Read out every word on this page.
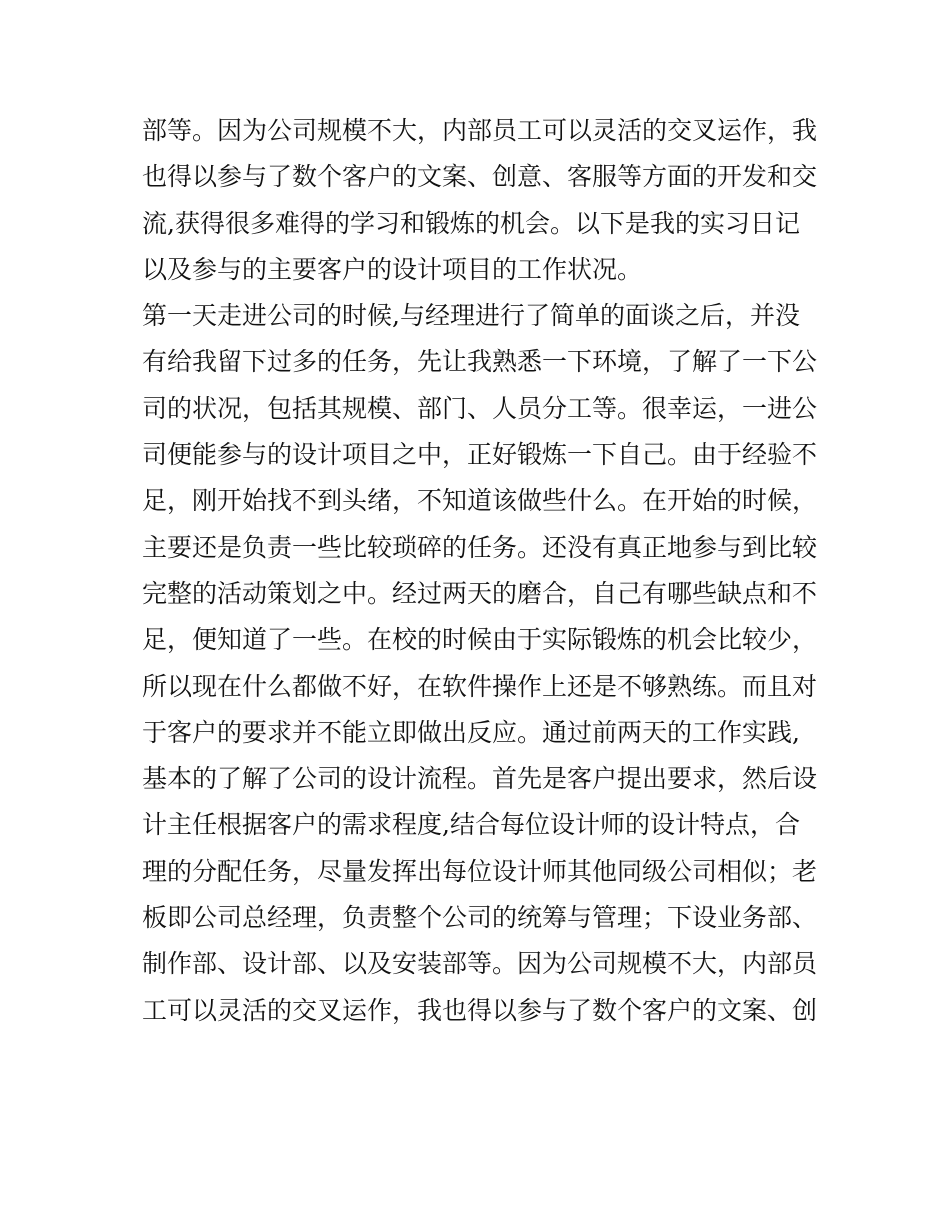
部等。因为公司规模不大，内部员工可以灵活的交叉运作，我
也得以参与了数个客户的文案、创意、客服等方面的开发和交
流,获得很多难得的学习和锻炼的机会。以下是我的实习日记
以及参与的主要客户的设计项目的工作状况。
第一天走进公司的时候,与经理进行了简单的面谈之后，并没
有给我留下过多的任务，先让我熟悉一下环境，了解了一下公
司的状况，包括其规模、部门、人员分工等。很幸运，一进公
司便能参与的设计项目之中，正好锻炼一下自己。由于经验不
足，刚开始找不到头绪，不知道该做些什么。在开始的时候，
主要还是负责一些比较琐碎的任务。还没有真正地参与到比较
完整的活动策划之中。经过两天的磨合，自己有哪些缺点和不
足，便知道了一些。在校的时候由于实际锻炼的机会比较少，
所以现在什么都做不好，在软件操作上还是不够熟练。而且对
于客户的要求并不能立即做出反应。通过前两天的工作实践,
基本的了解了公司的设计流程。首先是客户提出要求，然后设
计主任根据客户的需求程度,结合每位设计师的设计特点，合
理的分配任务，尽量发挥出每位设计师其他同级公司相似；老
板即公司总经理，负责整个公司的统筹与管理；下设业务部、
制作部、设计部、以及安装部等。因为公司规模不大，内部员
工可以灵活的交叉运作，我也得以参与了数个客户的文案、创
